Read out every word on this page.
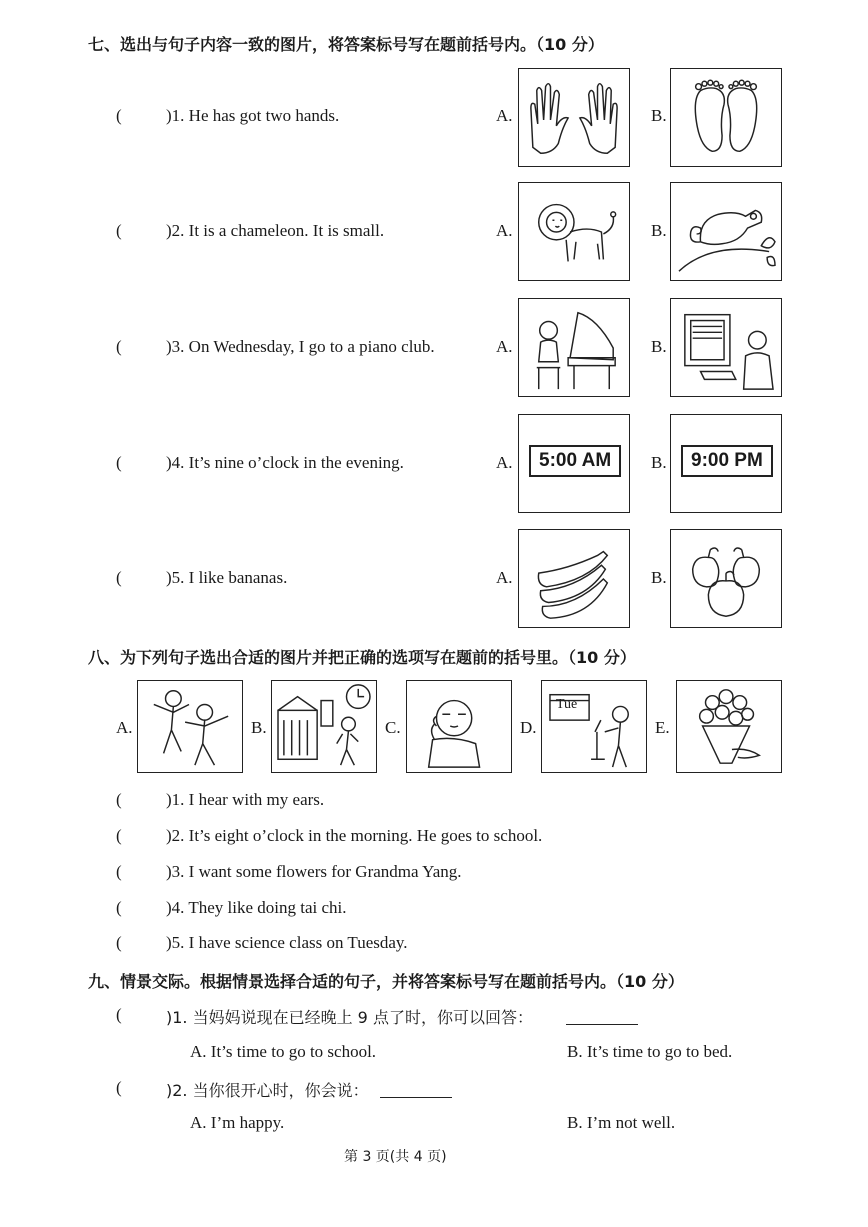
七、选出与句子内容一致的图片，将答案标号写在题前括号内。（10 分）
(	)1. He has got two hands.	A.	B.
(	)2. It is a chameleon. It is small.	A.	B.
(	)3. On Wednesday, I go to a piano club.	A.	B.
(	)4. It’s nine o’clock in the evening.	A.	5:00 AM	B.	9:00 PM
(	)5. I like bananas.	A.	B.
八、为下列句子选出合适的图片并把正确的选项写在题前的括号里。（10 分）
A.	B.	C.	D.
Tue
E.
(	)1. I hear with my ears.
(	)2. It’s eight o’clock in the morning. He goes to school.
(	)3. I want some flowers for Grandma Yang.
(	)4. They like doing tai chi.
(	)5. I have science class on Tuesday.
九、情景交际。根据情景选择合适的句子，并将答案标号写在题前括号内。（10 分）
(	)1. 当妈妈说现在已经晚上 9 点了时，你可以回答：
A. It’s time to go to school.	B. It’s time to go to bed.
(	)2. 当你很开心时，你会说：
A. I’m happy.	B. I’m not well.
第 3 页(共 4 页)
